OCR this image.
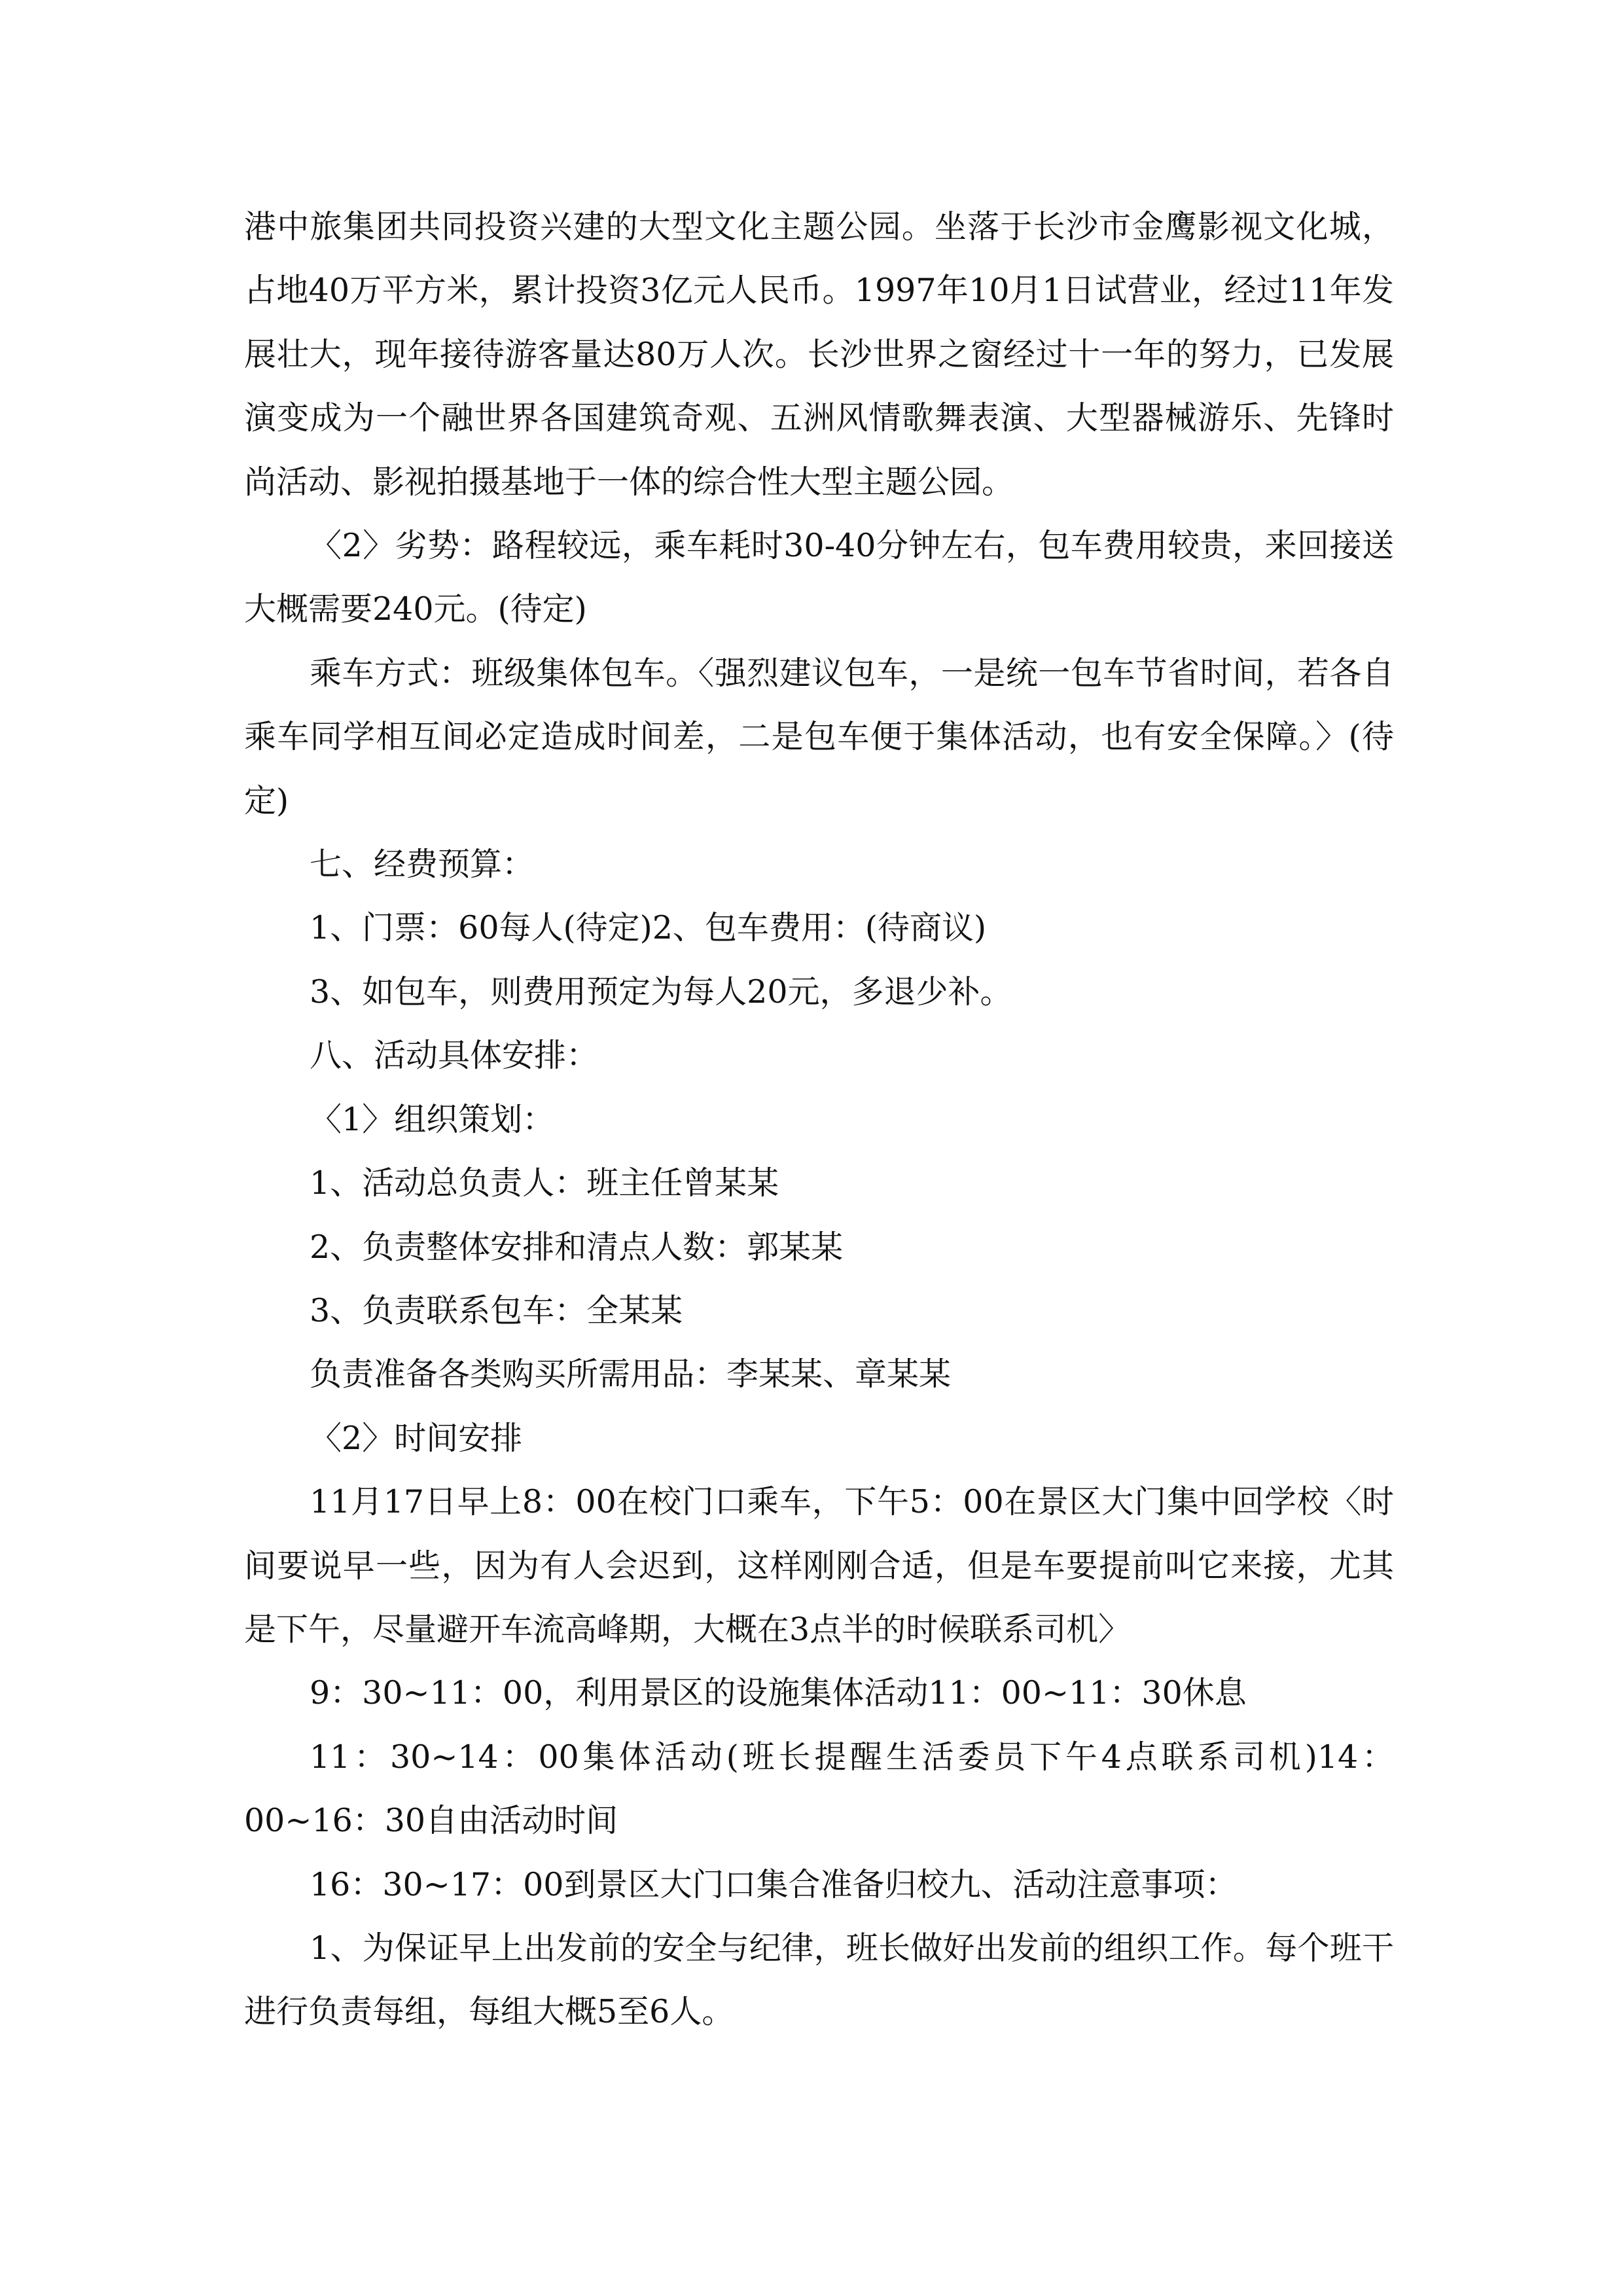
港中旅集团共同投资兴建的大型文化主题公园。坐落于长沙市金鹰影视文化城，占地40万平方米，累计投资3亿元人民币。1997年10月1日试营业，经过11年发展壮大，现年接待游客量达80万人次。长沙世界之窗经过十一年的努力，已发展演变成为一个融世界各国建筑奇观、五洲风情歌舞表演、大型器械游乐、先锋时尚活动、影视拍摄基地于一体的综合性大型主题公园。

〈2〉劣势：路程较远，乘车耗时30-40分钟左右，包车费用较贵，来回接送大概需要240元。(待定)

乘车方式：班级集体包车。〈强烈建议包车，一是统一包车节省时间，若各自乘车同学相互间必定造成时间差，二是包车便于集体活动，也有安全保障。〉(待定)

七、经费预算：

1、门票：60每人(待定)2、包车费用：(待商议)

3、如包车，则费用预定为每人20元，多退少补。

八、活动具体安排：

〈1〉组织策划：

1、活动总负责人：班主任曾某某

2、负责整体安排和清点人数：郭某某

3、负责联系包车：全某某

负责准备各类购买所需用品：李某某、章某某

〈2〉时间安排

11月17日早上8：00在校门口乘车，下午5：00在景区大门集中回学校〈时间要说早一些，因为有人会迟到，这样刚刚合适，但是车要提前叫它来接，尤其是下午，尽量避开车流高峰期，大概在3点半的时候联系司机〉

9：30~11：00，利用景区的设施集体活动11：00~11：30休息

11：30~14：00集体活动(班长提醒生活委员下午4点联系司机)14：00~16：30自由活动时间

16：30~17：00到景区大门口集合准备归校九、活动注意事项：

1、为保证早上出发前的安全与纪律，班长做好出发前的组织工作。每个班干进行负责每组，每组大概5至6人。
